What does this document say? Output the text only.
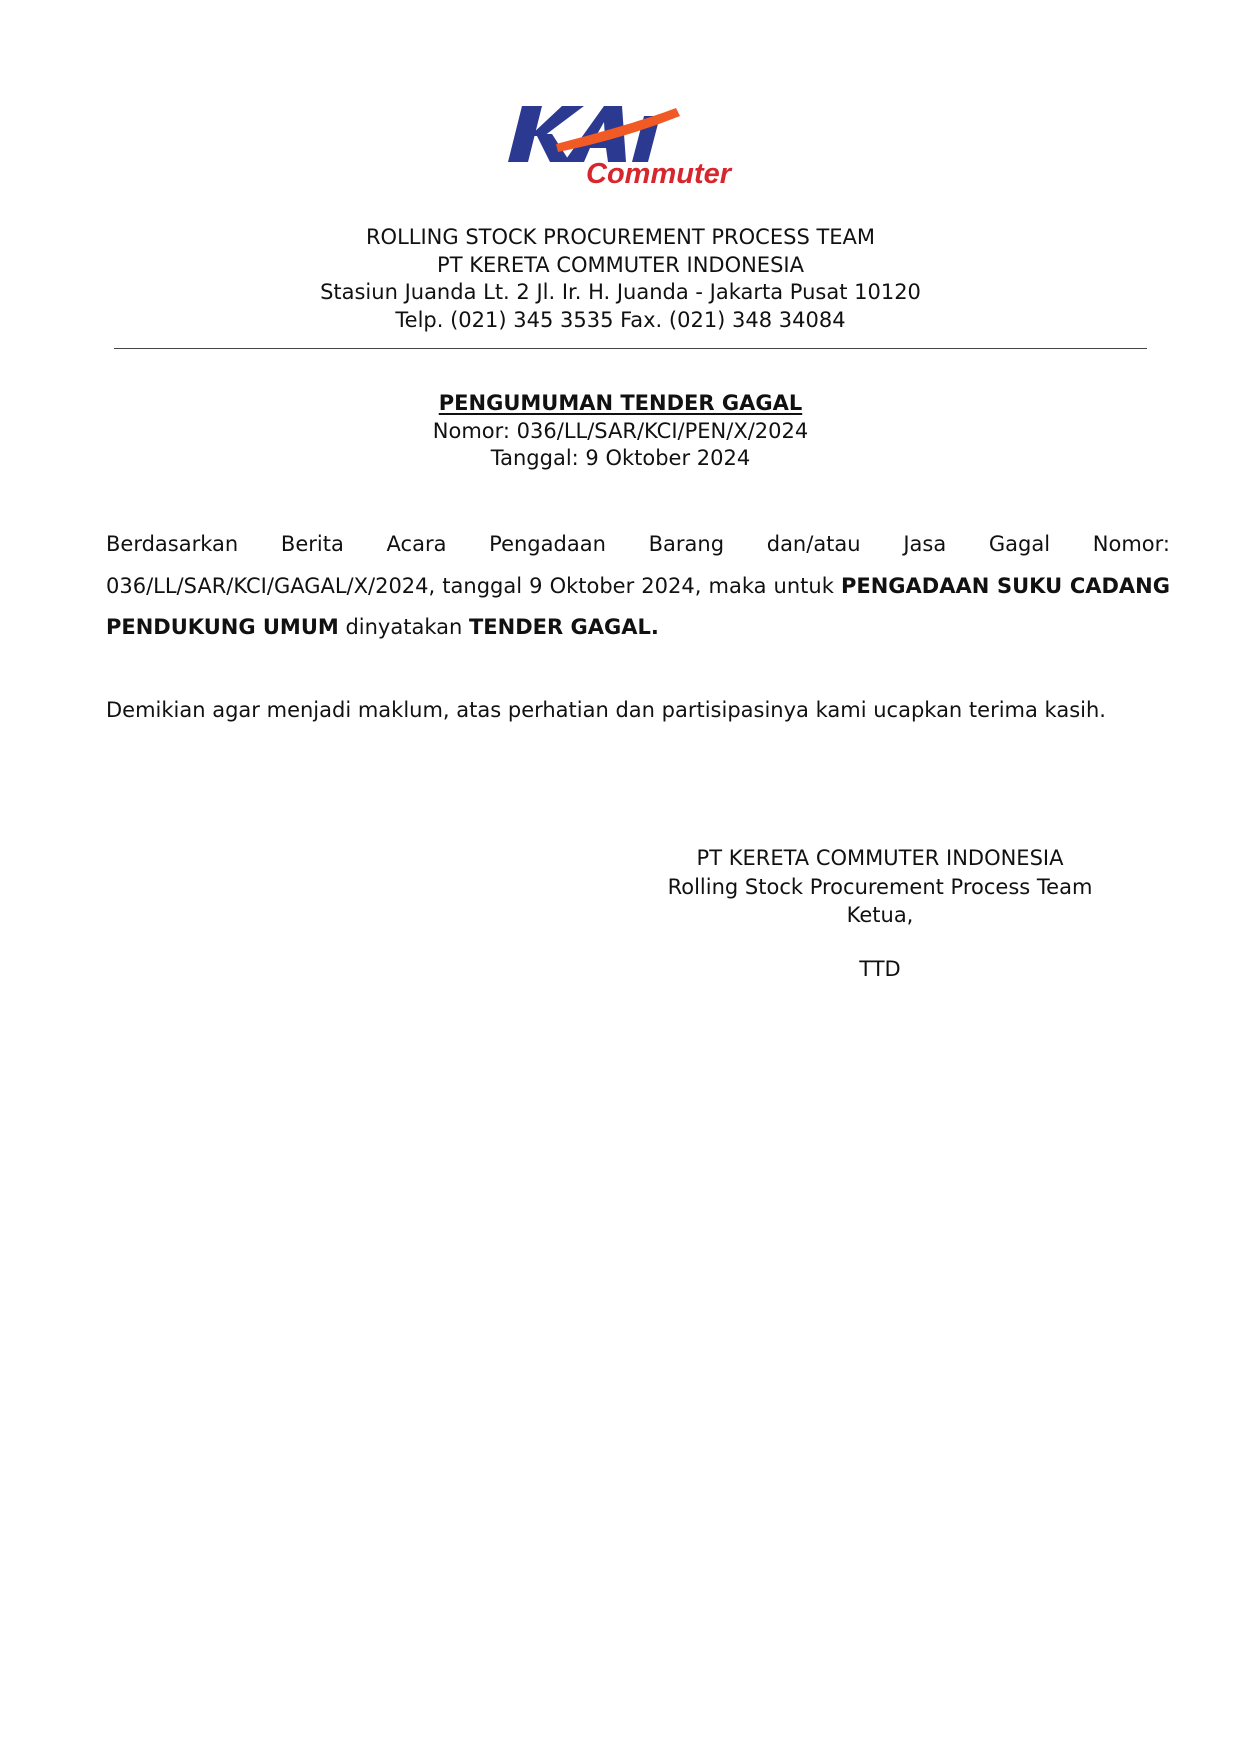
Commuter
ROLLING STOCK PROCUREMENT PROCESS TEAM
PT KERETA COMMUTER INDONESIA
Stasiun Juanda Lt. 2 Jl. Ir. H. Juanda - Jakarta Pusat 10120
Telp. (021) 345 3535 Fax. (021) 348 34084
PENGUMUMAN TENDER GAGAL
Nomor: 036/LL/SAR/KCI/PEN/X/2024
Tanggal: 9 Oktober 2024
Berdasarkan Berita Acara Pengadaan Barang dan/atau Jasa Gagal Nomor: 036/LL/SAR/KCI/GAGAL/X/2024, tanggal 9 Oktober 2024, maka untuk PENGADAAN SUKU CADANG PENDUKUNG UMUM dinyatakan TENDER GAGAL.
Demikian agar menjadi maklum, atas perhatian dan partisipasinya kami ucapkan terima kasih.
PT KERETA COMMUTER INDONESIA
Rolling Stock Procurement Process Team
Ketua,
TTD
